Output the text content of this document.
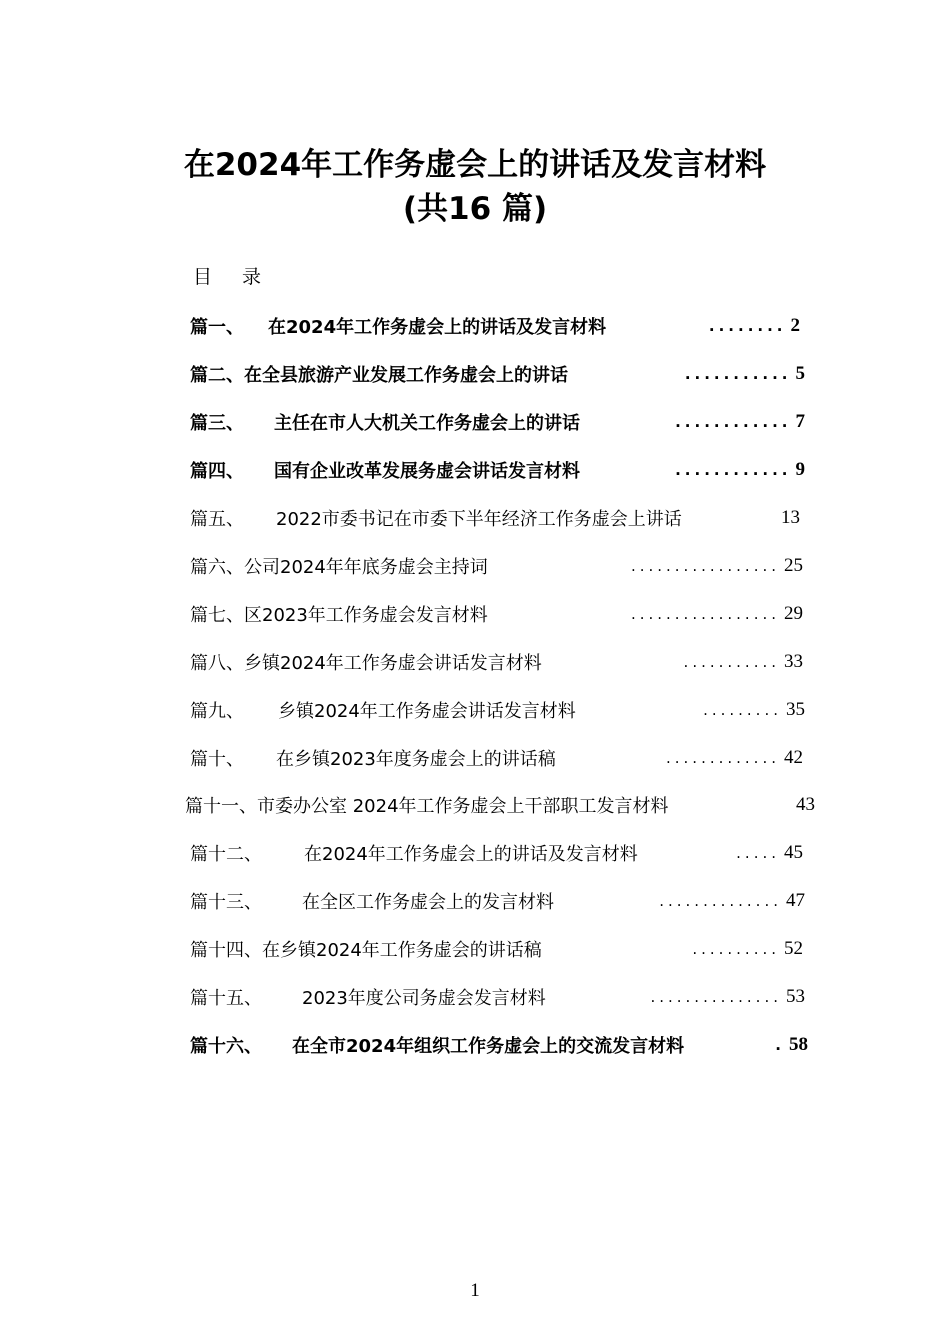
在2024年工作务虚会上的讲话及发言材料
(共16 篇)
目 录
篇一、 在2024年工作务虚会上的讲话及发言材料	........ 2
篇二、 在全县旅游产业发展工作务虚会上的讲话	........... 5
篇三、 主任在市人大机关工作务虚会上的讲话	............ 7
篇四、 国有企业改革发展务虚会讲话发言材料	............ 9
篇五、 2022市委书记在市委下半年经济工作务虚会上讲话	13
篇六、 公司2024年年底务虚会主持词	................. 25
篇七、 区2023年工作务虚会发言材料	................. 29
篇八、 乡镇2024年工作务虚会讲话发言材料	........... 33
篇九、 乡镇2024年工作务虚会讲话发言材料	......... 35
篇十、 在乡镇2023年度务虚会上的讲话稿	............. 42
篇十一、 市委办公室 2024年工作务虚会上干部职工发言材料	43
篇十二、 在2024年工作务虚会上的讲话及发言材料	..... 45
篇十三、 在全区工作务虚会上的发言材料	.............. 47
篇十四、 在乡镇2024年工作务虚会的讲话稿	.......... 52
篇十五、 2023年度公司务虚会发言材料	............... 53
篇十六、 在全市2024年组织工作务虚会上的交流发言材料	. 58
1
